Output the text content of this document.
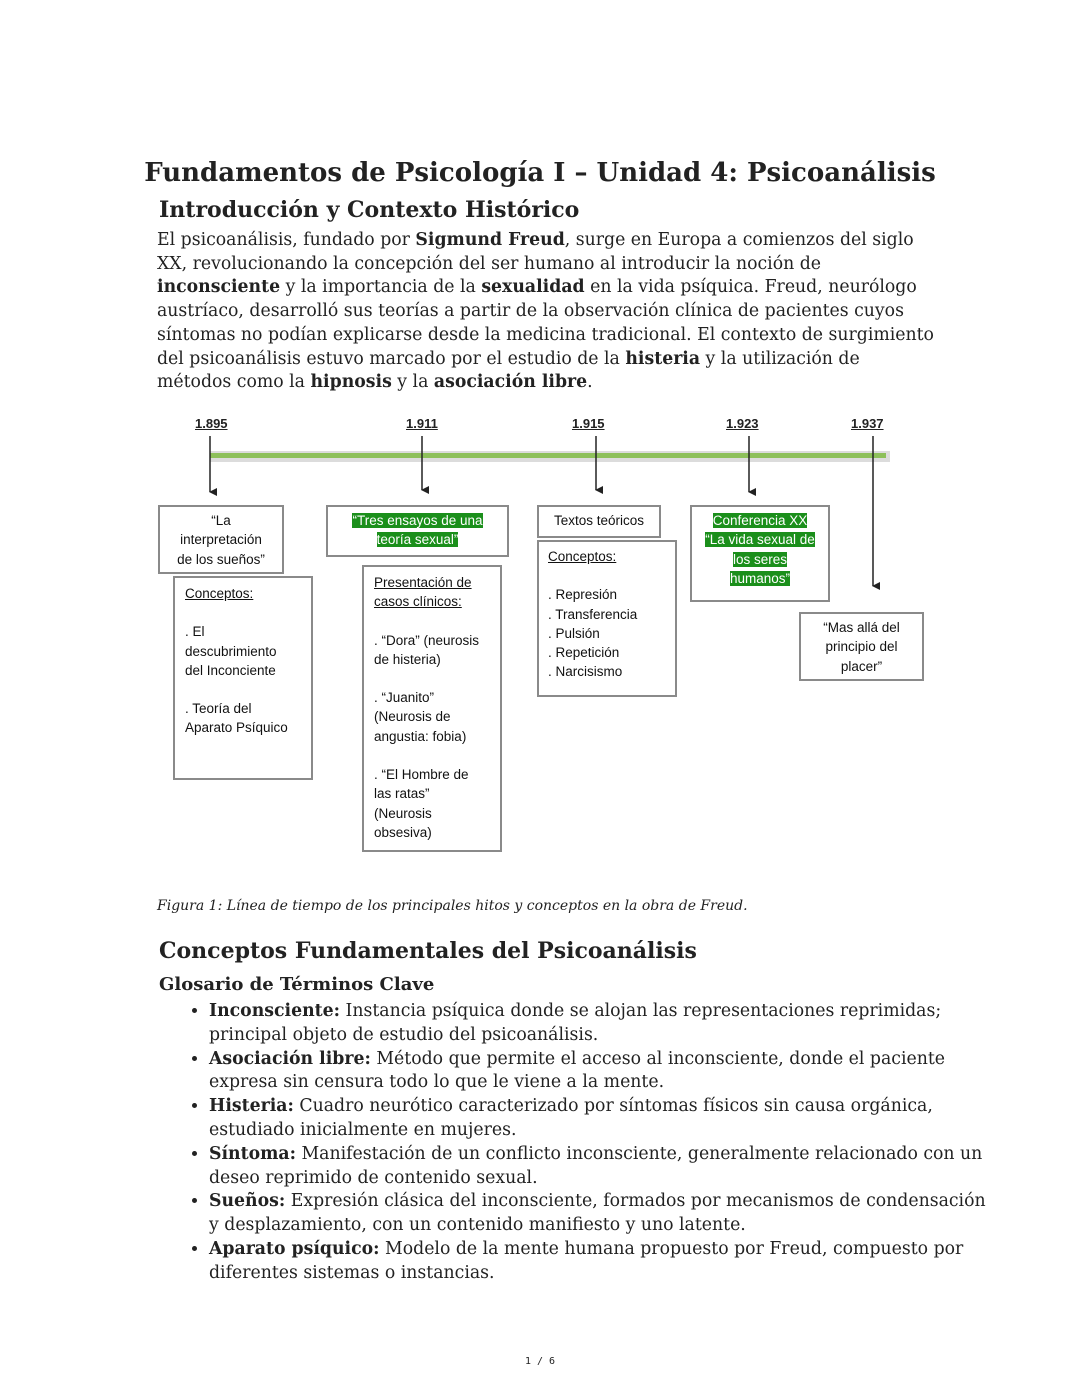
Fundamentos de Psicología I – Unidad 4: Psicoanálisis
Introducción y Contexto Histórico

El psicoanálisis, fundado por Sigmund Freud, surge en Europa a comienzos del siglo XX, revolucionando la concepción del ser humano al introducir la noción de inconsciente y la importancia de la sexualidad en la vida psíquica. Freud, neurólogo austríaco, desarrolló sus teorías a partir de la observación clínica de pacientes cuyos síntomas no podían explicarse desde la medicina tradicional. El contexto de surgimiento del psicoanálisis estuvo marcado por el estudio de la histeria y la utilización de métodos como la hipnosis y la asociación libre.

1.895	1.911	1.915	1.923	1.937

“La

interpretación

de los sueños”

Conceptos:

. El

descubrimiento

del Inconciente

. Teoría del

Aparato Psíquico

“Tres ensayos de una

teoría sexual”

Presentación de

casos clínicos:

. “Dora” (neurosis

de histeria)

. “Juanito”

(Neurosis de

angustia: fobia)

. “El Hombre de

las ratas”

(Neurosis

obsesiva)

Textos teóricos

Conceptos:

. Represión

. Transferencia

. Pulsión

. Repetición

. Narcisismo

Conferencia XX

“La vida sexual de

los seres

humanos”

“Mas allá del

principio del

placer”

Figura 1: Línea de tiempo de los principales hitos y conceptos en la obra de Freud.
Conceptos Fundamentales del Psicoanálisis
Glosario de Términos Clave
• Inconsciente: Instancia psíquica donde se alojan las representaciones reprimidas; principal objeto de estudio del psicoanálisis.
• Asociación libre: Método que permite el acceso al inconsciente, donde el paciente expresa sin censura todo lo que le viene a la mente.
• Histeria: Cuadro neurótico caracterizado por síntomas físicos sin causa orgánica, estudiado inicialmente en mujeres.
• Síntoma: Manifestación de un conflicto inconsciente, generalmente relacionado con un deseo reprimido de contenido sexual.
• Sueños: Expresión clásica del inconsciente, formados por mecanismos de condensación y desplazamiento, con un contenido manifiesto y uno latente.
• Aparato psíquico: Modelo de la mente humana propuesto por Freud, compuesto por diferentes sistemas o instancias.
1 / 6
